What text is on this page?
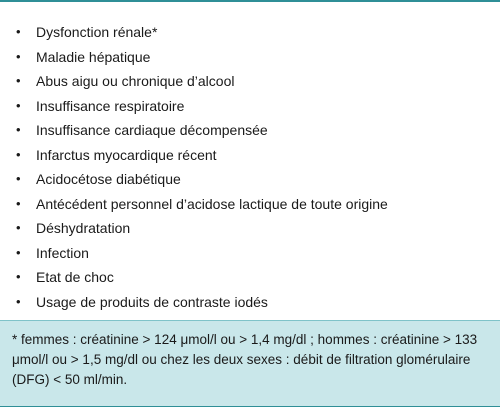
• Dysfonction rénale*
• Maladie hépatique
• Abus aigu ou chronique d’alcool
• Insuffisance respiratoire
• Insuffisance cardiaque décompensée
• Infarctus myocardique récent
• Acidocétose diabétique
• Antécédent personnel d’acidose lactique de toute origine
• Déshydratation
• Infection
• Etat de choc
• Usage de produits de contraste iodés
* femmes : créatinine > 124 μmol/l ou > 1,4 mg/dl ; hommes : créatinine > 133 μmol/l ou > 1,5 mg/dl ou chez les deux sexes : débit de filtration glomérulaire (DFG) < 50 ml/min.
